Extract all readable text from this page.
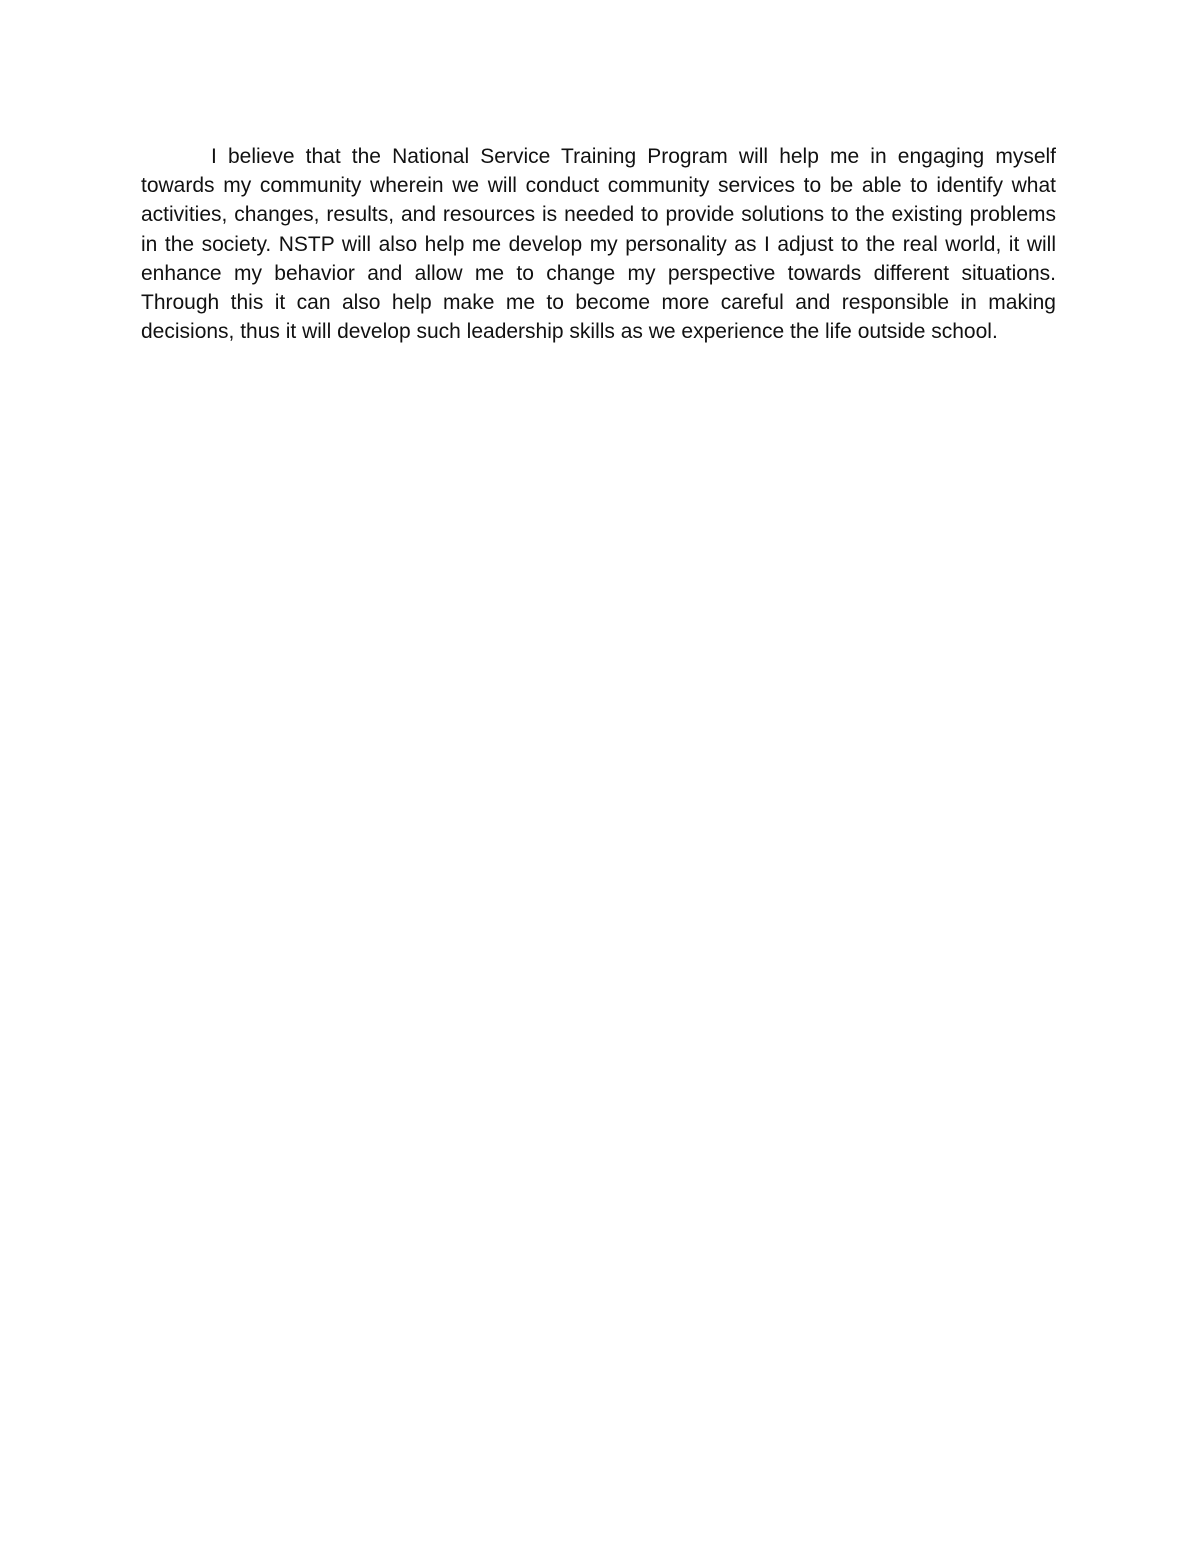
I believe that the National Service Training Program will help me in engaging myself towards my community wherein we will conduct community services to be able to identify what activities, changes, results, and resources is needed to provide solutions to the existing problems in the society. NSTP will also help me develop my personality as I adjust to the real world, it will enhance my behavior and allow me to change my perspective towards different situations. Through this it can also help make me to become more careful and responsible in making decisions, thus it will develop such leadership skills as we experience the life outside school.
